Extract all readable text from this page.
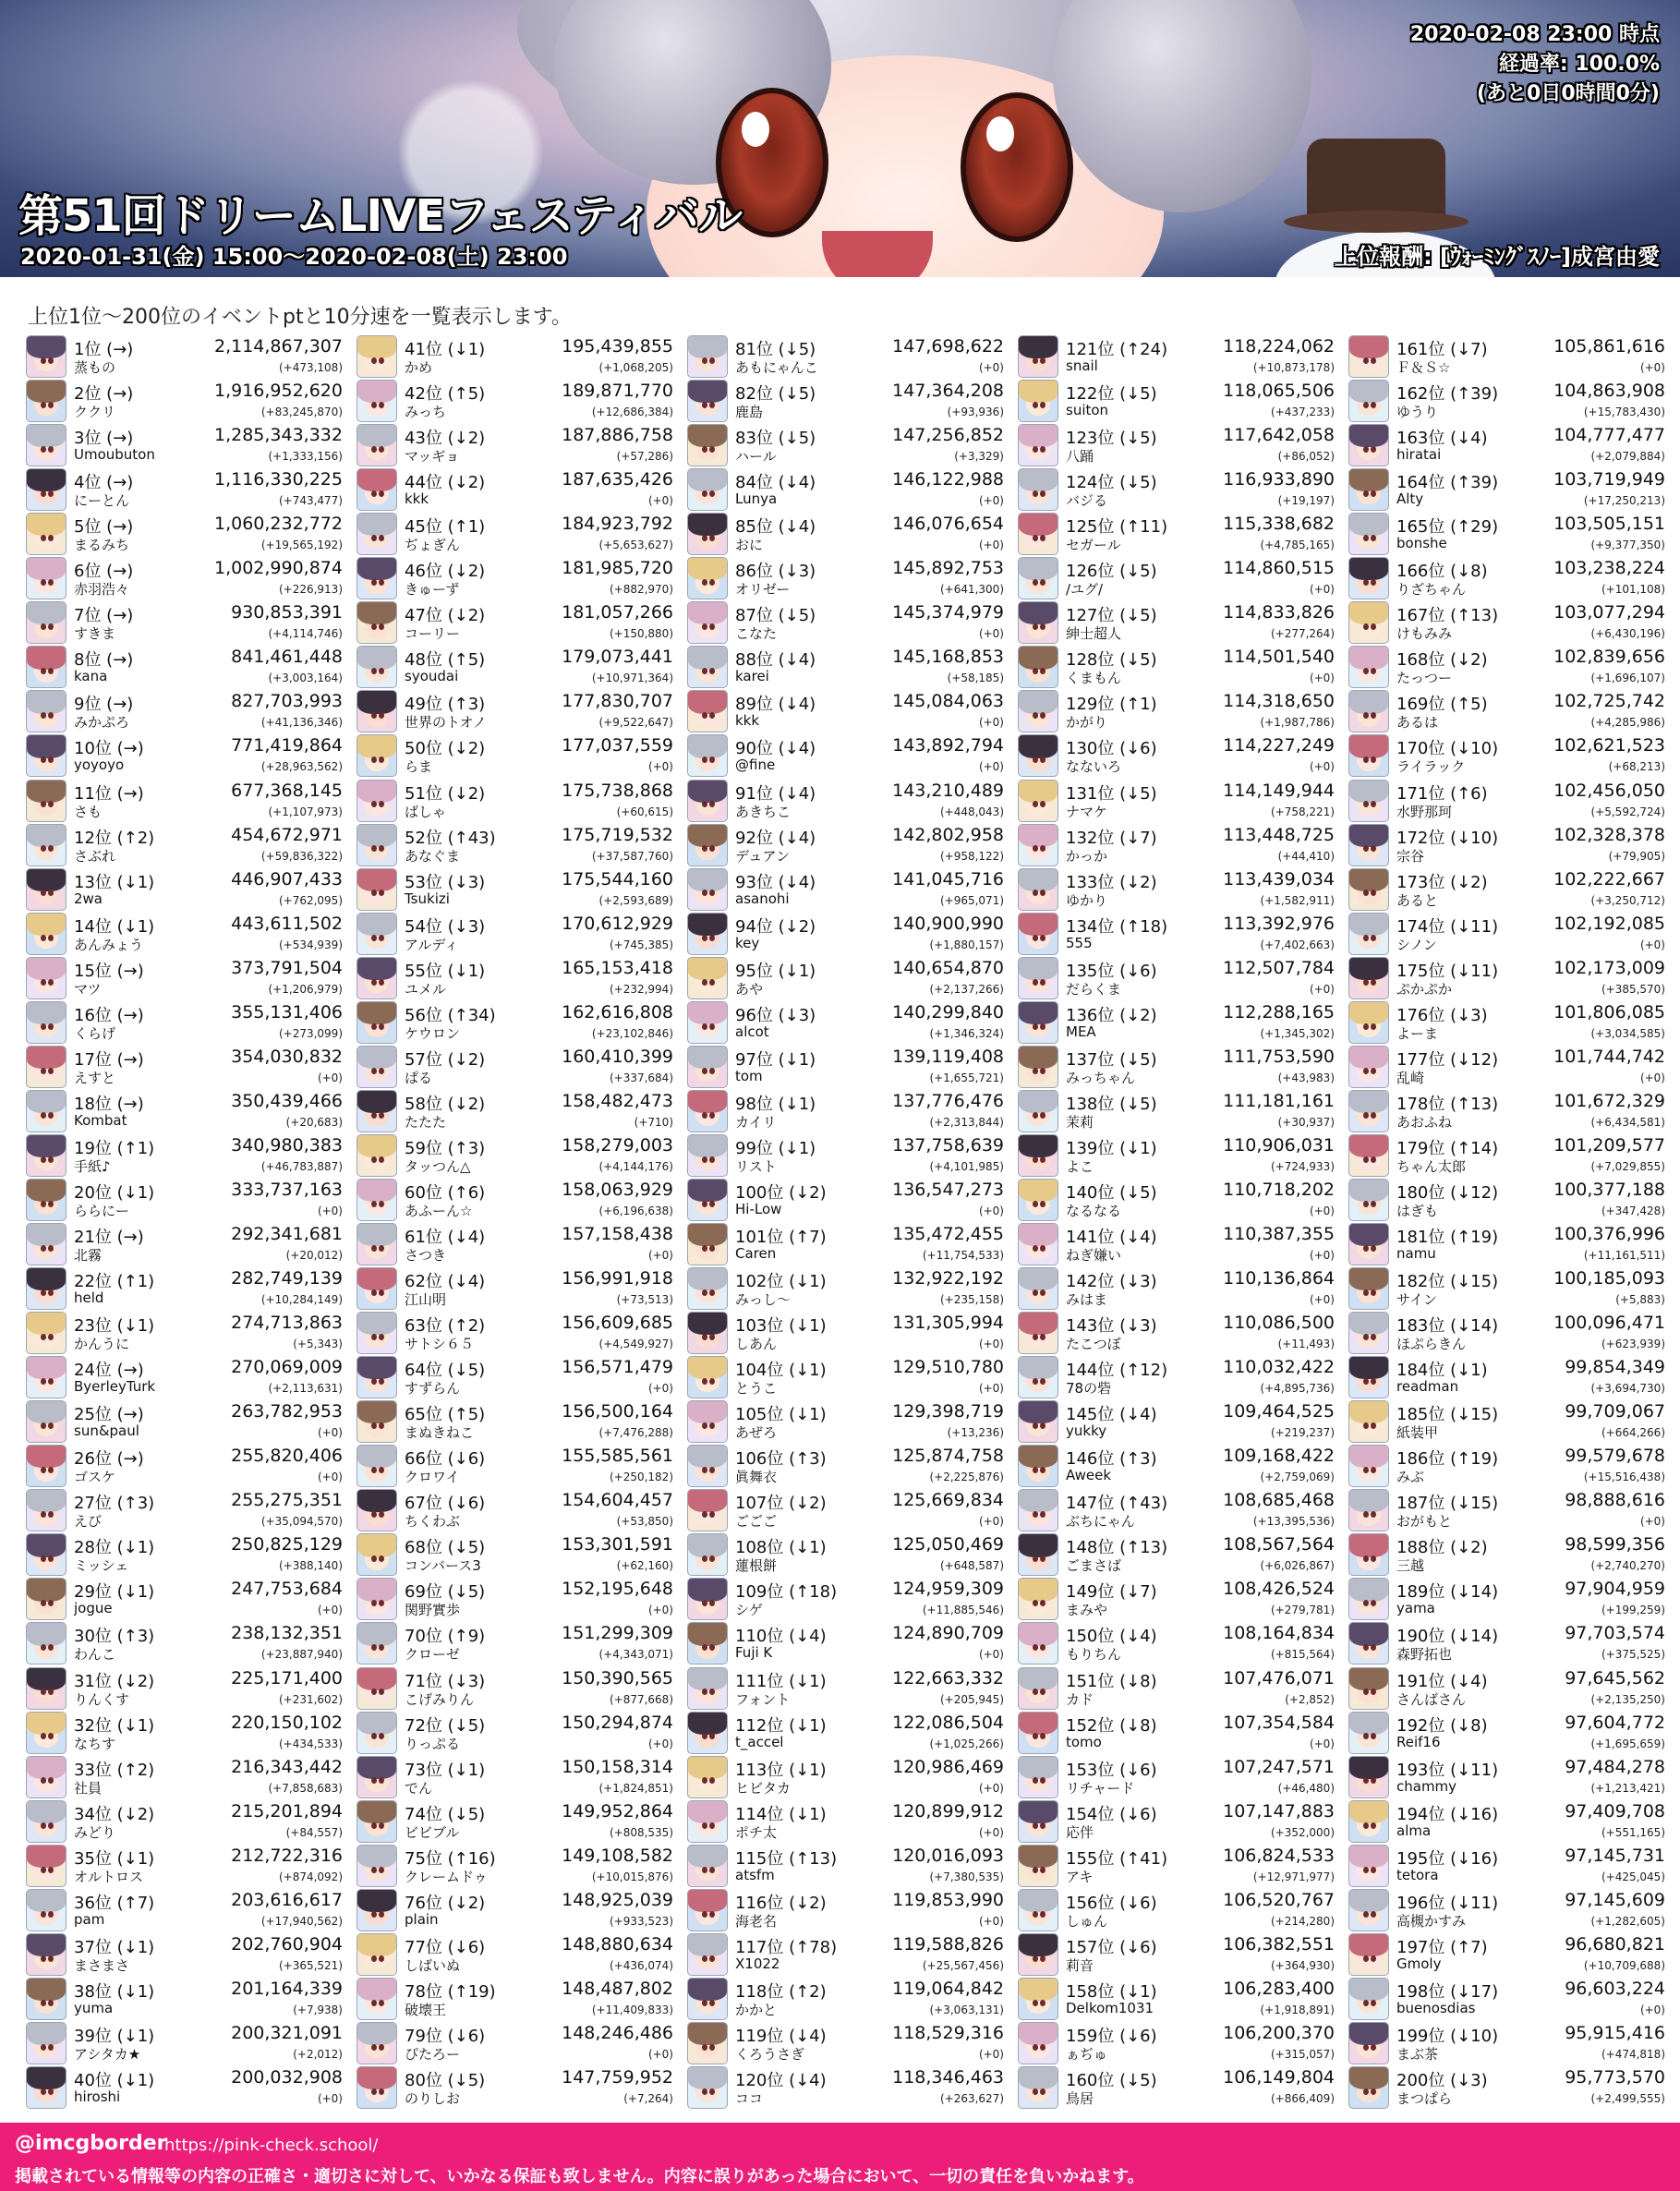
2020-02-08 23:00 時点
経過率: 100.0%
(あと0日0時間0分)
第51回ドリームLIVEフェスティバル
2020-01-31(金) 15:00～2020-02-08(土) 23:00	上位報酬: [ｳｫｰﾐﾝｸﾞｽﾉｰ]成宮由愛
上位1位～200位のイベントptと10分速を一覧表示します。
1位 (→)	2,114,867,307
蒸もの	(+473,108)
2位 (→)	1,916,952,620
ククリ	(+83,245,870)
3位 (→)	1,285,343,332
Umoubuton	(+1,333,156)
4位 (→)	1,116,330,225
にーとん	(+743,477)
5位 (→)	1,060,232,772
まるみち	(+19,565,192)
6位 (→)	1,002,990,874
赤羽浩々	(+226,913)
7位 (→)	930,853,391
すきま	(+4,114,746)
8位 (→)	841,461,448
kana	(+3,003,164)
9位 (→)	827,703,993
みかぷろ	(+41,136,346)
10位 (→)	771,419,864
yoyoyo	(+28,963,562)
11位 (→)	677,368,145
さも	(+1,107,973)
12位 (↑2)	454,672,971
さぶれ	(+59,836,322)
13位 (↓1)	446,907,433
2wa	(+762,095)
14位 (↓1)	443,611,502
あんみょう	(+534,939)
15位 (→)	373,791,504
マツ	(+1,206,979)
16位 (→)	355,131,406
くらげ	(+273,099)
17位 (→)	354,030,832
えすと	(+0)
18位 (→)	350,439,466
Kombat	(+20,683)
19位 (↑1)	340,980,383
手紙♪	(+46,783,887)
20位 (↓1)	333,737,163
ららにー	(+0)
21位 (→)	292,341,681
北霧	(+20,012)
22位 (↑1)	282,749,139
held	(+10,284,149)
23位 (↓1)	274,713,863
かんうに	(+5,343)
24位 (→)	270,069,009
ByerleyTurk	(+2,113,631)
25位 (→)	263,782,953
sun&paul	(+0)
26位 (→)	255,820,406
ゴスケ	(+0)
27位 (↑3)	255,275,351
えび	(+35,094,570)
28位 (↓1)	250,825,129
ミッシェ	(+388,140)
29位 (↓1)	247,753,684
jogue	(+0)
30位 (↑3)	238,132,351
わんこ	(+23,887,940)
31位 (↓2)	225,171,400
りんくす	(+231,602)
32位 (↓1)	220,150,102
なちす	(+434,533)
33位 (↑2)	216,343,442
社員	(+7,858,683)
34位 (↓2)	215,201,894
みどり	(+84,557)
35位 (↓1)	212,722,316
オルトロス	(+874,092)
36位 (↑7)	203,616,617
pam	(+17,940,562)
37位 (↓1)	202,760,904
まさまさ	(+365,521)
38位 (↓1)	201,164,339
yuma	(+7,938)
39位 (↓1)	200,321,091
アシタカ★	(+2,012)
40位 (↓1)	200,032,908
hiroshi	(+0)
41位 (↓1)	195,439,855
かめ	(+1,068,205)
42位 (↑5)	189,871,770
みっち	(+12,686,384)
43位 (↓2)	187,886,758
マッギョ	(+57,286)
44位 (↓2)	187,635,426
kkk	(+0)
45位 (↑1)	184,923,792
ぢょぎん	(+5,653,627)
46位 (↓2)	181,985,720
きゅーず	(+882,970)
47位 (↓2)	181,057,266
コーリー	(+150,880)
48位 (↑5)	179,073,441
syoudai	(+10,971,364)
49位 (↑3)	177,830,707
世界のトオノ	(+9,522,647)
50位 (↓2)	177,037,559
らま	(+0)
51位 (↓2)	175,738,868
ばしゃ	(+60,615)
52位 (↑43)	175,719,532
あなぐま	(+37,587,760)
53位 (↓3)	175,544,160
Tsukizi	(+2,593,689)
54位 (↓3)	170,612,929
アルディ	(+745,385)
55位 (↓1)	165,153,418
ユメル	(+232,994)
56位 (↑34)	162,616,808
ケウロン	(+23,102,846)
57位 (↓2)	160,410,399
ぱる	(+337,684)
58位 (↓2)	158,482,473
たたた	(+710)
59位 (↑3)	158,279,003
タッつん△	(+4,144,176)
60位 (↑6)	158,063,929
あふーん☆	(+6,196,638)
61位 (↓4)	157,158,438
さつき	(+0)
62位 (↓4)	156,991,918
江山明	(+73,513)
63位 (↑2)	156,609,685
サトシ６５	(+4,549,927)
64位 (↓5)	156,571,479
すずらん	(+0)
65位 (↑5)	156,500,164
まぬきねこ	(+7,476,288)
66位 (↓6)	155,585,561
クロワイ	(+250,182)
67位 (↓6)	154,604,457
ちくわぶ	(+53,850)
68位 (↓5)	153,301,591
コンバース3	(+62,160)
69位 (↓5)	152,195,648
関野實歩	(+0)
70位 (↑9)	151,299,309
クローゼ	(+4,343,071)
71位 (↓3)	150,390,565
こげみりん	(+877,668)
72位 (↓5)	150,294,874
りっぷる	(+0)
73位 (↓1)	150,158,314
でん	(+1,824,851)
74位 (↓5)	149,952,864
ビビブル	(+808,535)
75位 (↑16)	149,108,582
クレームドゥ	(+10,015,876)
76位 (↓2)	148,925,039
plain	(+933,523)
77位 (↓6)	148,880,634
しばいぬ	(+436,074)
78位 (↑19)	148,487,802
破壊王	(+11,409,833)
79位 (↓6)	148,246,486
ぴたろー	(+0)
80位 (↓5)	147,759,952
のりしお	(+7,264)
81位 (↓5)	147,698,622
あもにゃんこ	(+0)
82位 (↓5)	147,364,208
鹿島	(+93,936)
83位 (↓5)	147,256,852
ハール	(+3,329)
84位 (↓4)	146,122,988
Lunya	(+0)
85位 (↓4)	146,076,654
おに	(+0)
86位 (↓3)	145,892,753
オリゼー	(+641,300)
87位 (↓5)	145,374,979
こなた	(+0)
88位 (↓4)	145,168,853
karei	(+58,185)
89位 (↓4)	145,084,063
kkk	(+0)
90位 (↓4)	143,892,794
@fine	(+0)
91位 (↓4)	143,210,489
あきちこ	(+448,043)
92位 (↓4)	142,802,958
デュアン	(+958,122)
93位 (↓4)	141,045,716
asanohi	(+965,071)
94位 (↓2)	140,900,990
key	(+1,880,157)
95位 (↓1)	140,654,870
あや	(+2,137,266)
96位 (↓3)	140,299,840
alcot	(+1,346,324)
97位 (↓1)	139,119,408
tom	(+1,655,721)
98位 (↓1)	137,776,476
カイリ	(+2,313,844)
99位 (↓1)	137,758,639
リスト	(+4,101,985)
100位 (↓2)	136,547,273
Hi-Low	(+0)
101位 (↑7)	135,472,455
Caren	(+11,754,533)
102位 (↓1)	132,922,192
みっし〜	(+235,158)
103位 (↓1)	131,305,994
しあん	(+0)
104位 (↓1)	129,510,780
とうこ	(+0)
105位 (↓1)	129,398,719
あぜろ	(+13,236)
106位 (↑3)	125,874,758
眞舞衣	(+2,225,876)
107位 (↓2)	125,669,834
ごごご	(+0)
108位 (↓1)	125,050,469
蓮根餅	(+648,587)
109位 (↑18)	124,959,309
シゲ	(+11,885,546)
110位 (↓4)	124,890,709
Fuji K	(+0)
111位 (↓1)	122,663,332
フォント	(+205,945)
112位 (↓1)	122,086,504
t_accel	(+1,025,266)
113位 (↓1)	120,986,469
ヒビタカ	(+0)
114位 (↓1)	120,899,912
ポチ太	(+0)
115位 (↑13)	120,016,093
atsfm	(+7,380,535)
116位 (↓2)	119,853,990
海老名	(+0)
117位 (↑78)	119,588,826
X1022	(+25,567,456)
118位 (↑2)	119,064,842
かかと	(+3,063,131)
119位 (↓4)	118,529,316
くろうさぎ	(+0)
120位 (↓4)	118,346,463
ココ	(+263,627)
121位 (↑24)	118,224,062
snail	(+10,873,178)
122位 (↓5)	118,065,506
suiton	(+437,233)
123位 (↓5)	117,642,058
八踊	(+86,052)
124位 (↓5)	116,933,890
バジる	(+19,197)
125位 (↑11)	115,338,682
セガール	(+4,785,165)
126位 (↓5)	114,860,515
/ユグ/	(+0)
127位 (↓5)	114,833,826
紳士超人	(+277,264)
128位 (↓5)	114,501,540
くまもん	(+0)
129位 (↑1)	114,318,650
かがり	(+1,987,786)
130位 (↓6)	114,227,249
なないろ	(+0)
131位 (↓5)	114,149,944
ナマケ	(+758,221)
132位 (↓7)	113,448,725
かっか	(+44,410)
133位 (↓2)	113,439,034
ゆかり	(+1,582,911)
134位 (↑18)	113,392,976
555	(+7,402,663)
135位 (↓6)	112,507,784
だらくま	(+0)
136位 (↓2)	112,288,165
MEA	(+1,345,302)
137位 (↓5)	111,753,590
みっちゃん	(+43,983)
138位 (↓5)	111,181,161
茉莉	(+30,937)
139位 (↓1)	110,906,031
よこ	(+724,933)
140位 (↓5)	110,718,202
なるなる	(+0)
141位 (↓4)	110,387,355
ねぎ嫌い	(+0)
142位 (↓3)	110,136,864
みはま	(+0)
143位 (↓3)	110,086,500
たこつぼ	(+11,493)
144位 (↑12)	110,032,422
78の砦	(+4,895,736)
145位 (↓4)	109,464,525
yukky	(+219,237)
146位 (↑3)	109,168,422
Aweek	(+2,759,069)
147位 (↑43)	108,685,468
ぶちにゃん	(+13,395,536)
148位 (↑13)	108,567,564
ごまさば	(+6,026,867)
149位 (↓7)	108,426,524
まみや	(+279,781)
150位 (↓4)	108,164,834
もりちん	(+815,564)
151位 (↓8)	107,476,071
カド	(+2,852)
152位 (↓8)	107,354,584
tomo	(+0)
153位 (↓6)	107,247,571
リチャード	(+46,480)
154位 (↓6)	107,147,883
応伴	(+352,000)
155位 (↑41)	106,824,533
アキ	(+12,971,977)
156位 (↓6)	106,520,767
しゅん	(+214,280)
157位 (↓6)	106,382,551
莉音	(+364,930)
158位 (↓1)	106,283,400
Delkom1031	(+1,918,891)
159位 (↓6)	106,200,370
ぁぢゅ	(+315,057)
160位 (↓5)	106,149,804
鳥居	(+866,409)
161位 (↓7)	105,861,616
Ｆ＆Ｓ☆	(+0)
162位 (↑39)	104,863,908
ゆうり	(+15,783,430)
163位 (↓4)	104,777,477
hiratai	(+2,079,884)
164位 (↑39)	103,719,949
Alty	(+17,250,213)
165位 (↑29)	103,505,151
bonshe	(+9,377,350)
166位 (↓8)	103,238,224
りざちゃん	(+101,108)
167位 (↑13)	103,077,294
けもみみ	(+6,430,196)
168位 (↓2)	102,839,656
たっつー	(+1,696,107)
169位 (↑5)	102,725,742
あるは	(+4,285,986)
170位 (↓10)	102,621,523
ライラック	(+68,213)
171位 (↑6)	102,456,050
水野那珂	(+5,592,724)
172位 (↓10)	102,328,378
宗谷	(+79,905)
173位 (↓2)	102,222,667
あると	(+3,250,712)
174位 (↓11)	102,192,085
シノン	(+0)
175位 (↓11)	102,173,009
ぷかぷか	(+385,570)
176位 (↓3)	101,806,085
よーま	(+3,034,585)
177位 (↓12)	101,744,742
乱崎	(+0)
178位 (↑13)	101,672,329
あおふね	(+6,434,581)
179位 (↑14)	101,209,577
ちゃん太郎	(+7,029,855)
180位 (↓12)	100,377,188
はぎも	(+347,428)
181位 (↑19)	100,376,996
namu	(+11,161,511)
182位 (↓15)	100,185,093
サイン	(+5,883)
183位 (↓14)	100,096,471
ほぷらきん	(+623,939)
184位 (↓1)	99,854,349
readman	(+3,694,730)
185位 (↓15)	99,709,067
紙装甲	(+664,266)
186位 (↑19)	99,579,678
みぶ	(+15,516,438)
187位 (↓15)	98,888,616
おがもと	(+0)
188位 (↓2)	98,599,356
三越	(+2,740,270)
189位 (↓14)	97,904,959
yama	(+199,259)
190位 (↓14)	97,703,574
森野拓也	(+375,525)
191位 (↓4)	97,645,562
さんばさん	(+2,135,250)
192位 (↓8)	97,604,772
Reif16	(+1,695,659)
193位 (↓11)	97,484,278
chammy	(+1,213,421)
194位 (↓16)	97,409,708
alma	(+551,165)
195位 (↓16)	97,145,731
tetora	(+425,045)
196位 (↓11)	97,145,609
高槻かすみ	(+1,282,605)
197位 (↑7)	96,680,821
Gmoly	(+10,709,688)
198位 (↓17)	96,603,224
buenosdias	(+0)
199位 (↓10)	95,915,416
まぶ茶	(+474,818)
200位 (↓3)	95,773,570
まつぱら	(+2,499,555)
@imcgborder
https://pink-check.school/
掲載されている情報等の内容の正確さ・適切さに対して、いかなる保証も致しません。内容に誤りがあった場合において、一切の責任を負いかねます。
